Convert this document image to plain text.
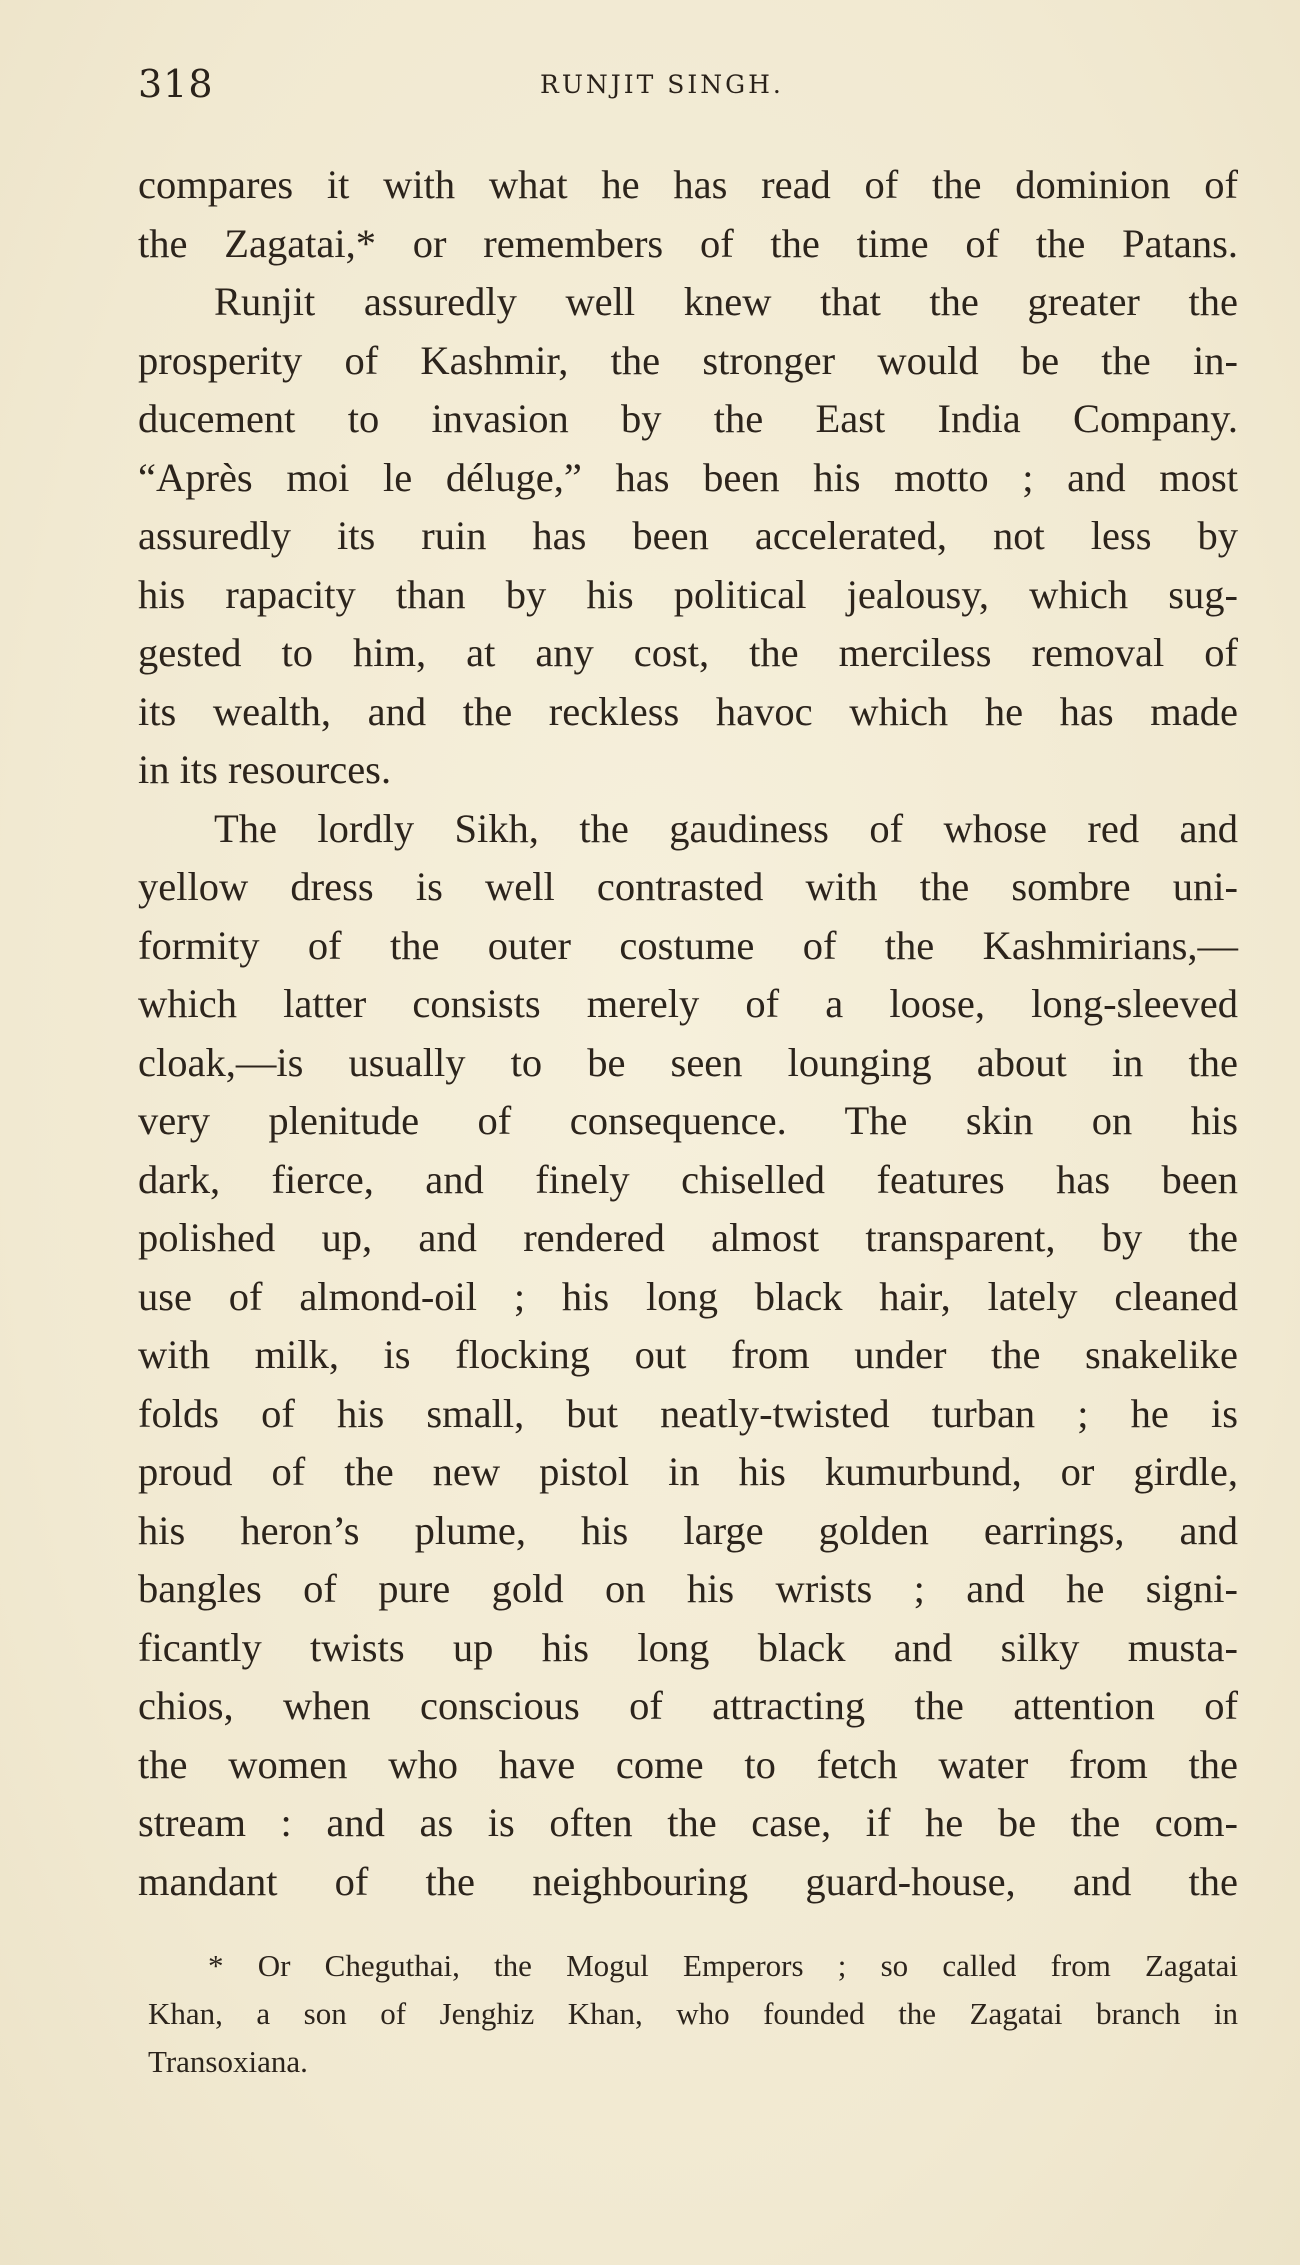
318	RUNJIT SINGH.
compares it with what he has read of the dominion of
the Zagatai,* or remembers of the time of the Patans.
Runjit assuredly well knew that the greater the
prosperity of Kashmir, the stronger would be the in-
ducement to invasion by the East India Company.
“Après moi le déluge,” has been his motto ; and most
assuredly its ruin has been accelerated, not less by
his rapacity than by his political jealousy, which sug-
gested to him, at any cost, the merciless removal of
its wealth, and the reckless havoc which he has made
in its resources.
The lordly Sikh, the gaudiness of whose red and
yellow dress is well contrasted with the sombre uni-
formity of the outer costume of the Kashmirians,—
which latter consists merely of a loose, long-sleeved
cloak,—is usually to be seen lounging about in the
very plenitude of consequence. The skin on his
dark, fierce, and finely chiselled features has been
polished up, and rendered almost transparent, by the
use of almond-oil ; his long black hair, lately cleaned
with milk, is flocking out from under the snakelike
folds of his small, but neatly-twisted turban ; he is
proud of the new pistol in his kumurbund, or girdle,
his heron’s plume, his large golden earrings, and
bangles of pure gold on his wrists ; and he signi-
ficantly twists up his long black and silky musta-
chios, when conscious of attracting the attention of
the women who have come to fetch water from the
stream : and as is often the case, if he be the com-
mandant of the neighbouring guard-house, and the
* Or Cheguthai, the Mogul Emperors ; so called from Zagatai
Khan, a son of Jenghiz Khan, who founded the Zagatai branch in
Transoxiana.
